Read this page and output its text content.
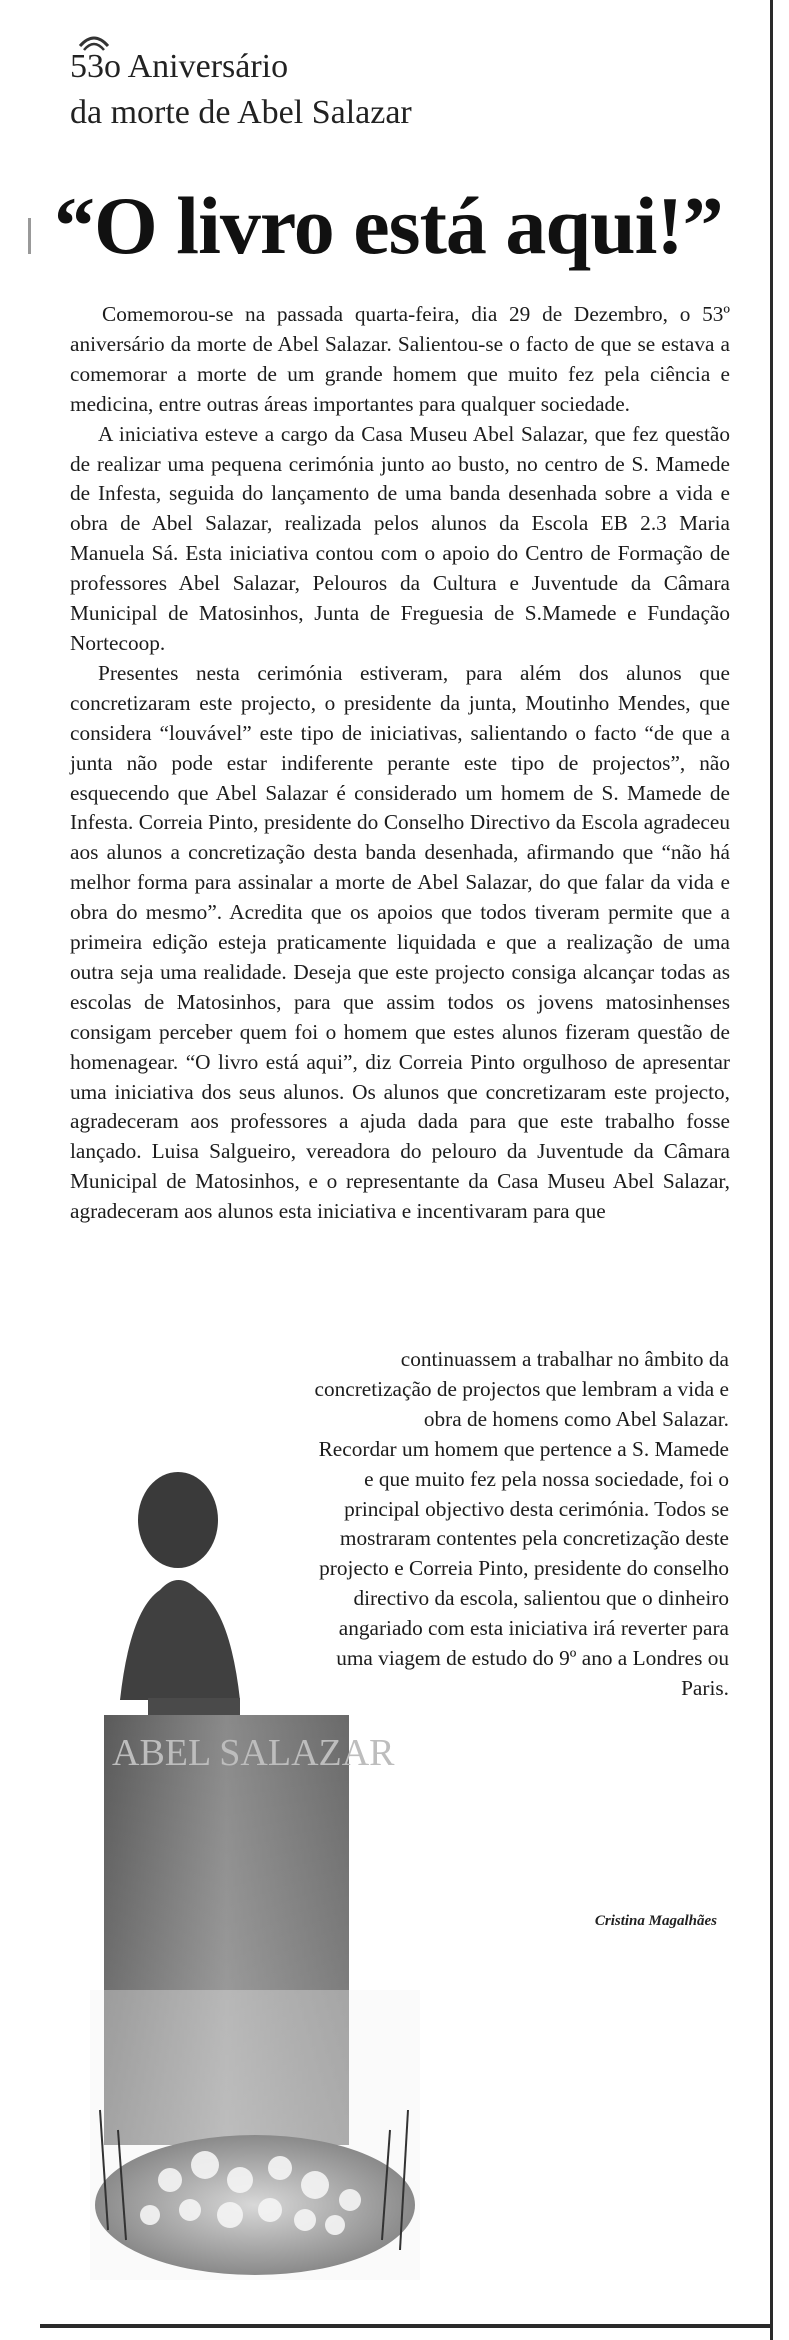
53o Aniversário
da morte de Abel Salazar
“O livro está aqui!”

Comemorou-se na passada quarta-feira, dia 29 de Dezembro, o 53º aniversário da morte de Abel Salazar. Salientou-se o facto de que se estava a comemorar a morte de um grande homem que muito fez pela ciência e medicina, entre outras áreas importantes para qualquer sociedade.

A iniciativa esteve a cargo da Casa Museu Abel Salazar, que fez questão de realizar uma pequena cerimónia junto ao busto, no centro de S. Mamede de Infesta, seguida do lançamento de uma banda desenhada sobre a vida e obra de Abel Salazar, realizada pelos alunos da Escola EB 2.3 Maria Manuela Sá. Esta iniciativa contou com o apoio do Centro de Formação de professores Abel Salazar, Pelouros da Cultura e Juventude da Câmara Municipal de Matosinhos, Junta de Freguesia de S.Mamede e Fundação Nortecoop.

Presentes nesta cerimónia estiveram, para além dos alunos que concretizaram este projecto, o presidente da junta, Moutinho Mendes, que considera “louvável” este tipo de iniciativas, salientando o facto “de que a junta não pode estar indiferente perante este tipo de projectos”, não esquecendo que Abel Salazar é considerado um homem de S. Mamede de Infesta. Correia Pinto, presidente do Conselho Directivo da Escola agradeceu aos alunos a concretização desta banda desenhada, afirmando que “não há melhor forma para assinalar a morte de Abel Salazar, do que falar da vida e obra do mesmo”. Acredita que os apoios que todos tiveram permite que a primeira edição esteja praticamente liquidada e que a realização de uma outra seja uma realidade. Deseja que este projecto consiga alcançar todas as escolas de Matosinhos, para que assim todos os jovens matosinhenses consigam perceber quem foi o homem que estes alunos fizeram questão de homenagear. “O livro está aqui”, diz Correia Pinto orgulhoso de apresentar uma iniciativa dos seus alunos. Os alunos que concretizaram este projecto, agradeceram aos professores a ajuda dada para que este trabalho fosse lançado. Luisa Salgueiro, vereadora do pelouro da Juventude da Câmara Municipal de Matosinhos, e o representante da Casa Museu Abel Salazar, agradeceram aos alunos esta iniciativa e incentivaram para que

ABEL SALAZAR

continuassem a trabalhar no âmbito da concretização de projectos que lembram a vida e obra de homens como Abel Salazar.

Recordar um homem que pertence a S. Mamede e que muito fez pela nossa sociedade, foi o principal objectivo desta cerimónia. Todos se mostraram contentes pela concretização deste projecto e Correia Pinto, presidente do conselho directivo da escola, salientou que o dinheiro angariado com esta iniciativa irá reverter para uma viagem de estudo do 9º ano a Londres ou Paris.

Cristina Magalhães
